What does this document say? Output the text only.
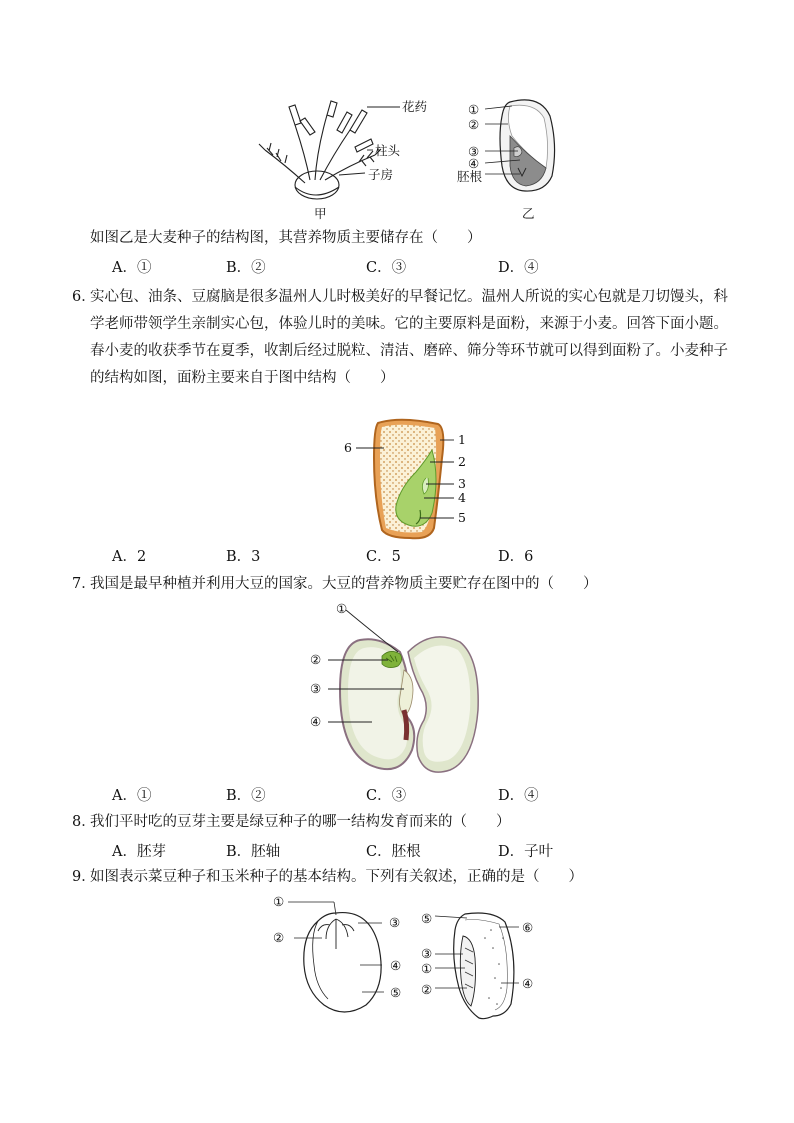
花药
柱头
子房
甲
①
②
③
④
胚根
乙
如图乙是大麦种子的结构图，其营养物质主要储存在（　　）
A．①	B．②	C．③	D．④
6．
实心包、油条、豆腐脑是很多温州人儿时极美好的早餐记忆。温州人所说的实心包就是刀切馒头，科学老师带领学生亲制实心包，体验儿时的美味。它的主要原料是面粉，来源于小麦。回答下面小题。春小麦的收获季节在夏季，收割后经过脱粒、清洁、磨碎、筛分等环节就可以得到面粉了。小麦种子的结构如图，面粉主要来自于图中结构（　　）
6
1
2
3
4
5
A．2	B．3	C．5	D．6
7．
我国是最早种植并利用大豆的国家。大豆的营养物质主要贮存在图中的（　　）
①
②
③
④
A．①	B．②	C．③	D．④
8．
我们平时吃的豆芽主要是绿豆种子的哪一结构发育而来的（　　）
A．胚芽	B．胚轴	C．胚根	D．子叶
9．
如图表示菜豆种子和玉米种子的基本结构。下列有关叙述，正确的是（　　）
①
②
③
④
⑤
⑤
③
①
②
⑥
④
